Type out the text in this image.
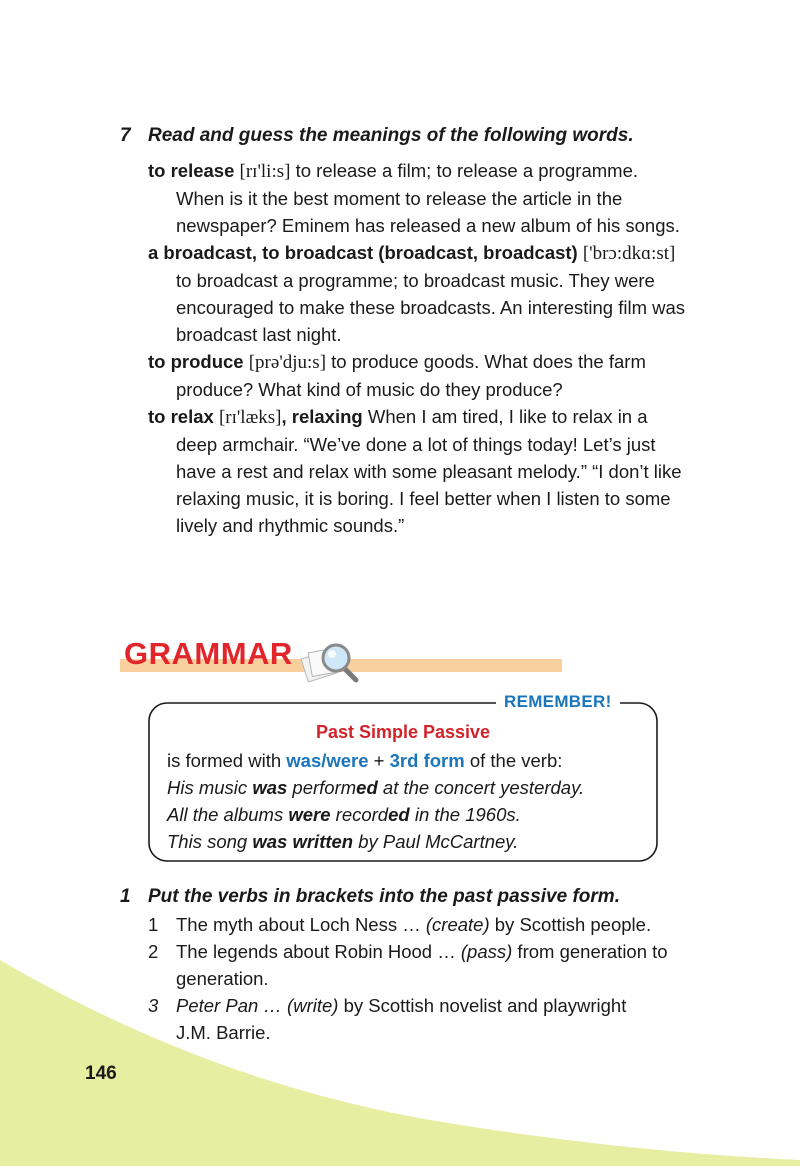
7 Read and guess the meanings of the following words.
to release [rɪ'li:s] to release a film; to release a programme.
When is it the best moment to release the article in the
newspaper? Eminem has released a new album of his songs.
a broadcast, to broadcast (broadcast, broadcast) ['brɔ:dkɑ:st]
to broadcast a programme; to broadcast music. They were
encouraged to make these broadcasts. An interesting film was
broadcast last night.
to produce [prə'dju:s] to produce goods. What does the farm
produce? What kind of music do they produce?
to relax [rɪ'læks], relaxing When I am tired, I like to relax in a
deep armchair. “We’ve done a lot of things today! Let’s just
have a rest and relax with some pleasant melody.” “I don’t like
relaxing music, it is boring. I feel better when I listen to some
lively and rhythmic sounds.”
GRAMMAR
REMEMBER!
Past Simple Passive
is formed with was/were + 3rd form of the verb:
His music was performed at the concert yesterday.
All the albums were recorded in the 1960s.
This song was written by Paul McCartney.
1 Put the verbs in brackets into the past passive form.
1 The myth about Loch Ness … (create) by Scottish people.
2 The legends about Robin Hood … (pass) from generation to
generation.
3 Peter Pan … (write) by Scottish novelist and playwright
J.M. Barrie.
146
